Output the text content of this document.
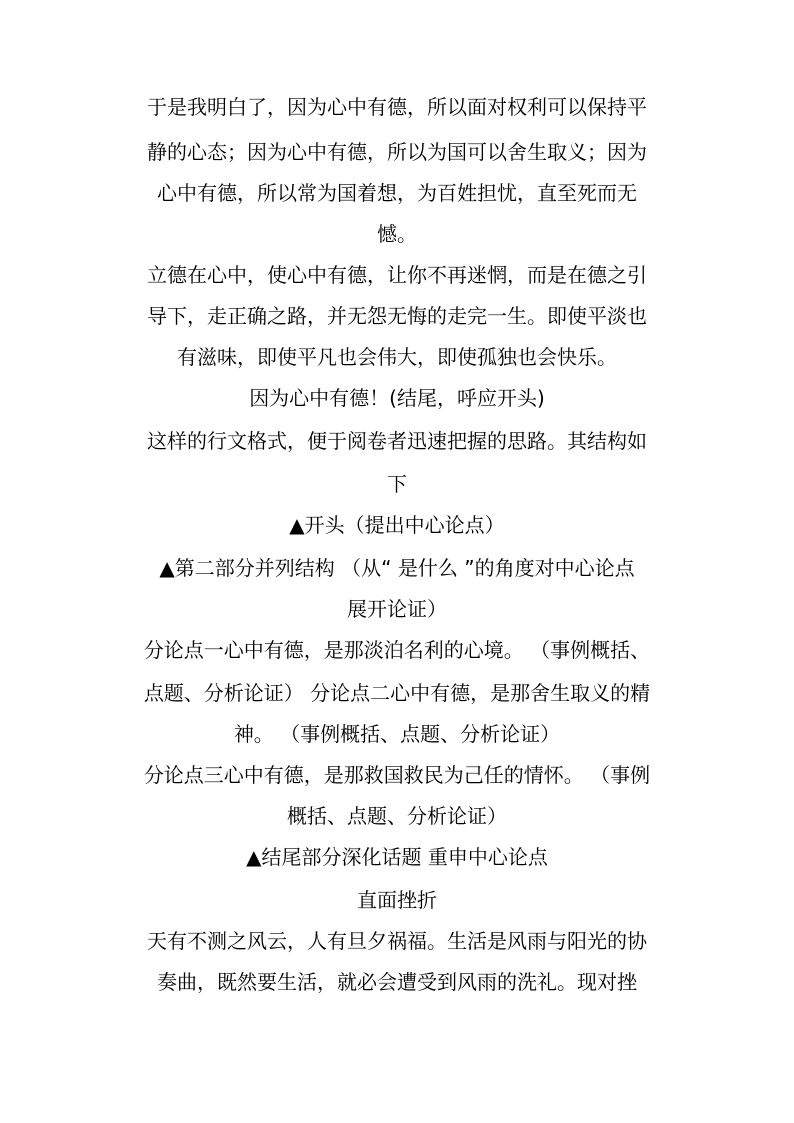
于是我明白了，因为心中有德，所以面对权利可以保持平
静的心态；因为心中有德，所以为国可以舍生取义；因为
心中有德，所以常为国着想，为百姓担忧，直至死而无
憾。
立德在心中，使心中有德，让你不再迷惘，而是在德之引
导下，走正确之路，并无怨无悔的走完一生。即使平淡也
有滋味，即使平凡也会伟大，即使孤独也会快乐。
因为心中有德！(结尾，呼应开头)
这样的行文格式，便于阅卷者迅速把握的思路。其结构如
下
▲开头（提出中心论点）
▲第二部分并列结构 （从“ 是什么 ”的角度对中心论点
展开论证）
分论点一心中有德，是那淡泊名利的心境。 （事例概括、
点题、分析论证） 分论点二心中有德，是那舍生取义的精
神。 （事例概括、点题、分析论证）
分论点三心中有德，是那救国救民为己任的情怀。 （事例
概括、点题、分析论证）
▲结尾部分深化话题 重申中心论点
直面挫折
天有不测之风云，人有旦夕祸福。生活是风雨与阳光的协
奏曲，既然要生活，就必会遭受到风雨的洗礼。现对挫
